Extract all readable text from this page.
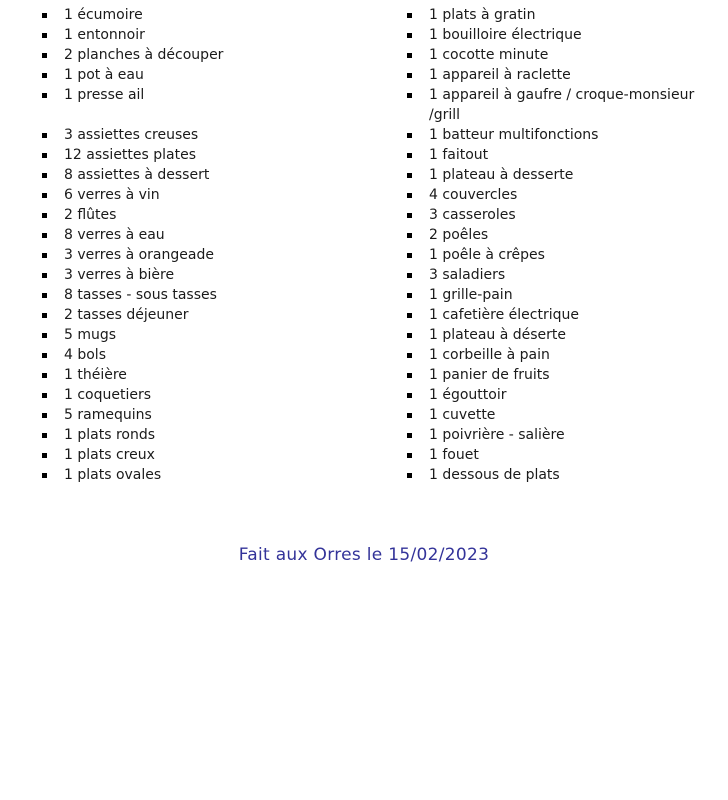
1 écumoire
1 entonnoir
2 planches à découper
1 pot à eau
1 presse ail
3 assiettes creuses
12 assiettes plates
8 assiettes à dessert
6 verres à vin
2 flûtes
8 verres à eau
3 verres à orangeade
3 verres à bière
8 tasses - sous tasses
2 tasses déjeuner
5 mugs
4 bols
1 théière
1 coquetiers
5 ramequins
1 plats ronds
1 plats creux
1 plats ovales
1 plats à gratin
1 bouilloire électrique
1 cocotte minute
1 appareil à raclette
1 appareil à gaufre / croque-monsieur
/grill
1 batteur multifonctions
1 faitout
1 plateau à desserte
4 couvercles
3 casseroles
2 poêles
1 poêle à crêpes
3 saladiers
1 grille-pain
1 cafetière électrique
1 plateau à déserte
1 corbeille à pain
1 panier de fruits
1 égouttoir
1 cuvette
1 poivrière - salière
1 fouet
1 dessous de plats
Fait aux Orres le 15/02/2023
